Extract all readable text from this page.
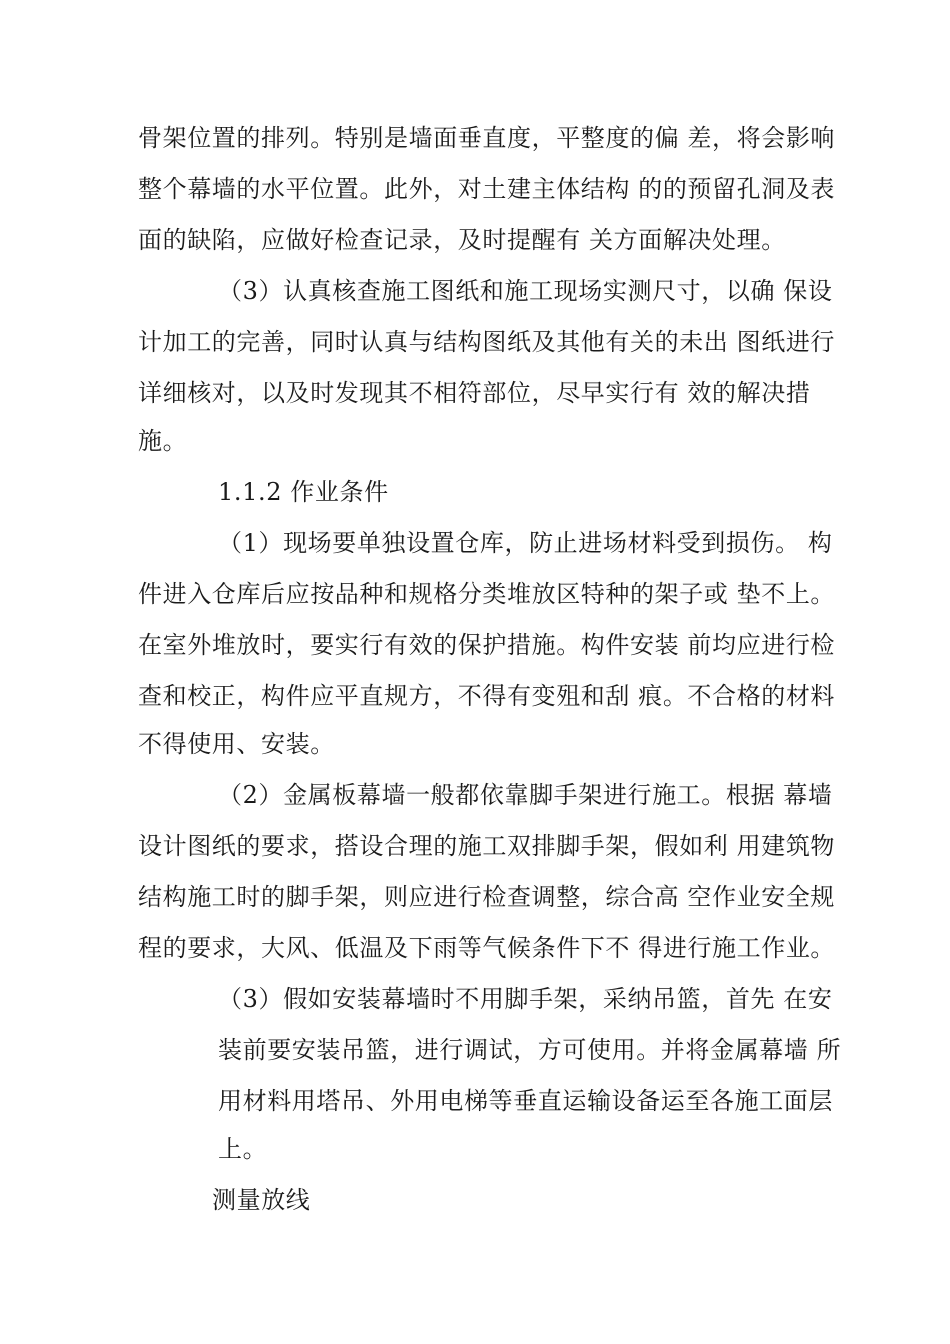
骨架位置的排列。特别是墙面垂直度，平整度的偏 差，将会影响
整个幕墙的水平位置。此外，对土建主体结构 的的预留孔洞及表
面的缺陷，应做好检查记录，及时提醒有 关方面解决处理。
（3）认真核查施工图纸和施工现场实测尺寸，以确 保设
计加工的完善，同时认真与结构图纸及其他有关的未出 图纸进行
详细核对，以及时发现其不相符部位，尽早实行有 效的解决措
施。
1.1.2 作业条件
（1）现场要单独设置仓库，防止进场材料受到损伤。 构
件进入仓库后应按品种和规格分类堆放区特种的架子或 垫不上。
在室外堆放时，要实行有效的保护措施。构件安装 前均应进行检
查和校正，构件应平直规方，不得有变殂和刮 痕。不合格的材料
不得使用、安装。
（2）金属板幕墙一般都依靠脚手架进行施工。根据 幕墙
设计图纸的要求，搭设合理的施工双排脚手架，假如利 用建筑物
结构施工时的脚手架，则应进行检查调整，综合高 空作业安全规
程的要求，大风、低温及下雨等气候条件下不 得进行施工作业。
（3）假如安装幕墙时不用脚手架，采纳吊篮，首先 在安
装前要安装吊篮，进行调试，方可使用。并将金属幕墙 所
用材料用塔吊、外用电梯等垂直运输设备运至各施工面层
上。
测量放线
